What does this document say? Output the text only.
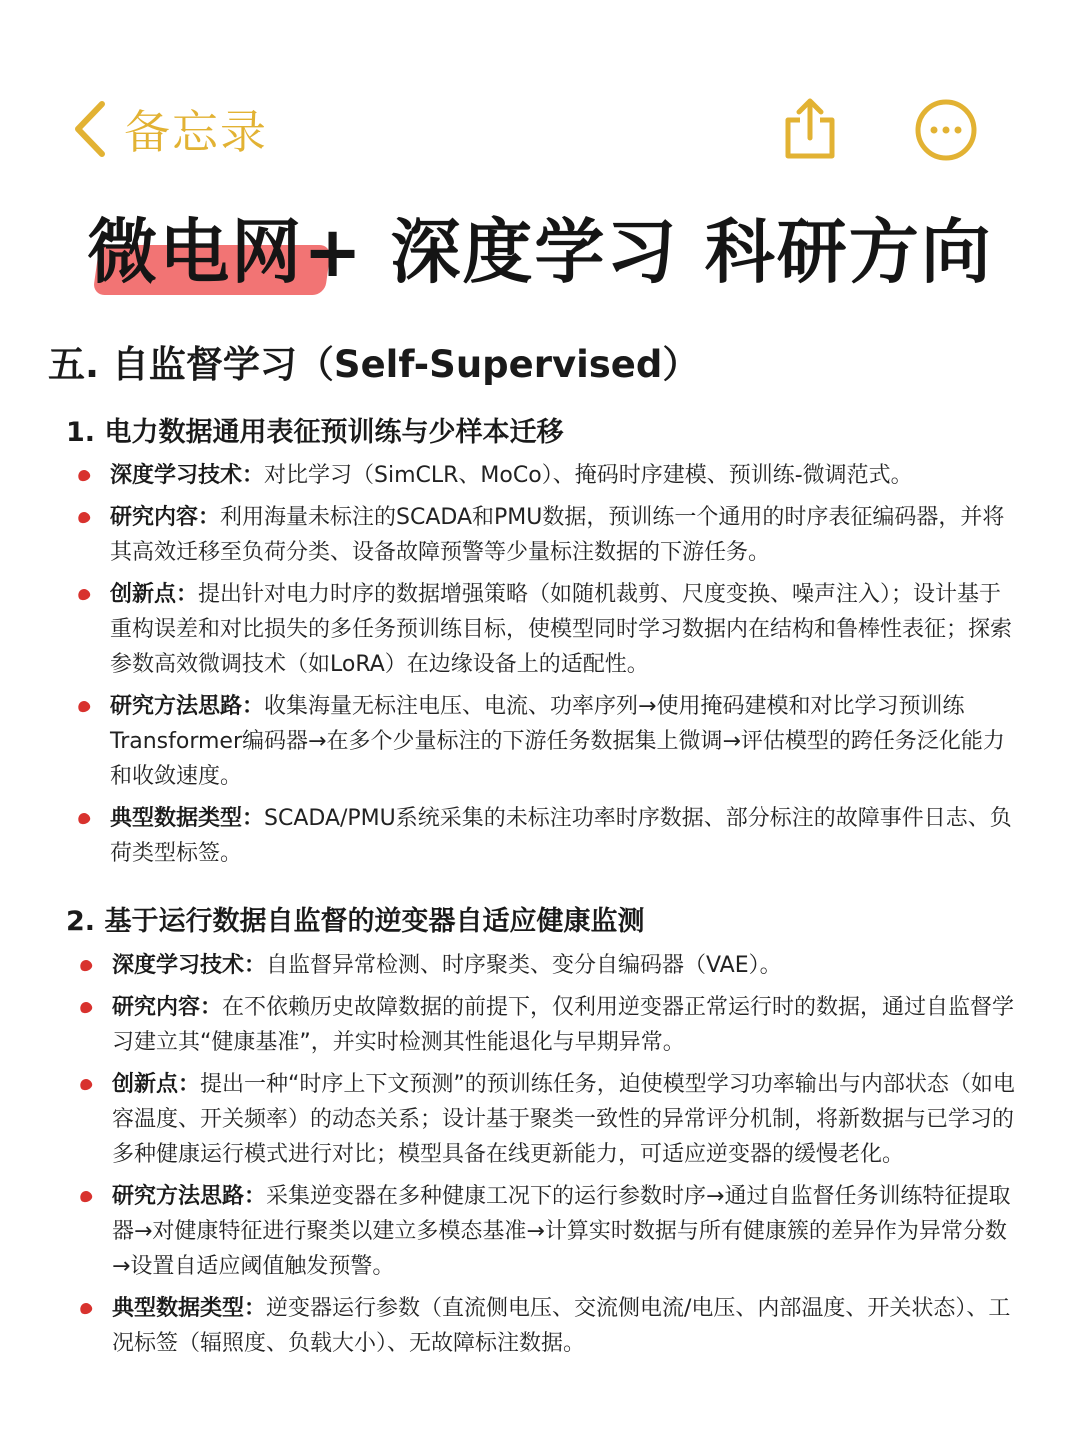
备忘录
微电网+ 深度学习 科研方向
五. 自监督学习（Self-Supervised）
1. 电力数据通用表征预训练与少样本迁移
深度学习技术：对比学习（SimCLR、MoCo）、掩码时序建模、预训练-微调范式。
研究内容：利用海量未标注的SCADA和PMU数据，预训练一个通用的时序表征编码器，并将其高效迁移至负荷分类、设备故障预警等少量标注数据的下游任务。
创新点：提出针对电力时序的数据增强策略（如随机裁剪、尺度变换、噪声注入）；设计基于重构误差和对比损失的多任务预训练目标，使模型同时学习数据内在结构和鲁棒性表征；探索参数高效微调技术（如LoRA）在边缘设备上的适配性。
研究方法思路：收集海量无标注电压、电流、功率序列→使用掩码建模和对比学习预训练Transformer编码器→在多个少量标注的下游任务数据集上微调→评估模型的跨任务泛化能力和收敛速度。
典型数据类型：SCADA/PMU系统采集的未标注功率时序数据、部分标注的故障事件日志、负荷类型标签。
2. 基于运行数据自监督的逆变器自适应健康监测
深度学习技术：自监督异常检测、时序聚类、变分自编码器（VAE）。
研究内容：在不依赖历史故障数据的前提下，仅利用逆变器正常运行时的数据，通过自监督学习建立其“健康基准”，并实时检测其性能退化与早期异常。
创新点：提出一种“时序上下文预测”的预训练任务，迫使模型学习功率输出与内部状态（如电容温度、开关频率）的动态关系；设计基于聚类一致性的异常评分机制，将新数据与已学习的多种健康运行模式进行对比；模型具备在线更新能力，可适应逆变器的缓慢老化。
研究方法思路：采集逆变器在多种健康工况下的运行参数时序→通过自监督任务训练特征提取器→对健康特征进行聚类以建立多模态基准→计算实时数据与所有健康簇的差异作为异常分数→设置自适应阈值触发预警。
典型数据类型：逆变器运行参数（直流侧电压、交流侧电流/电压、内部温度、开关状态）、工况标签（辐照度、负载大小）、无故障标注数据。
